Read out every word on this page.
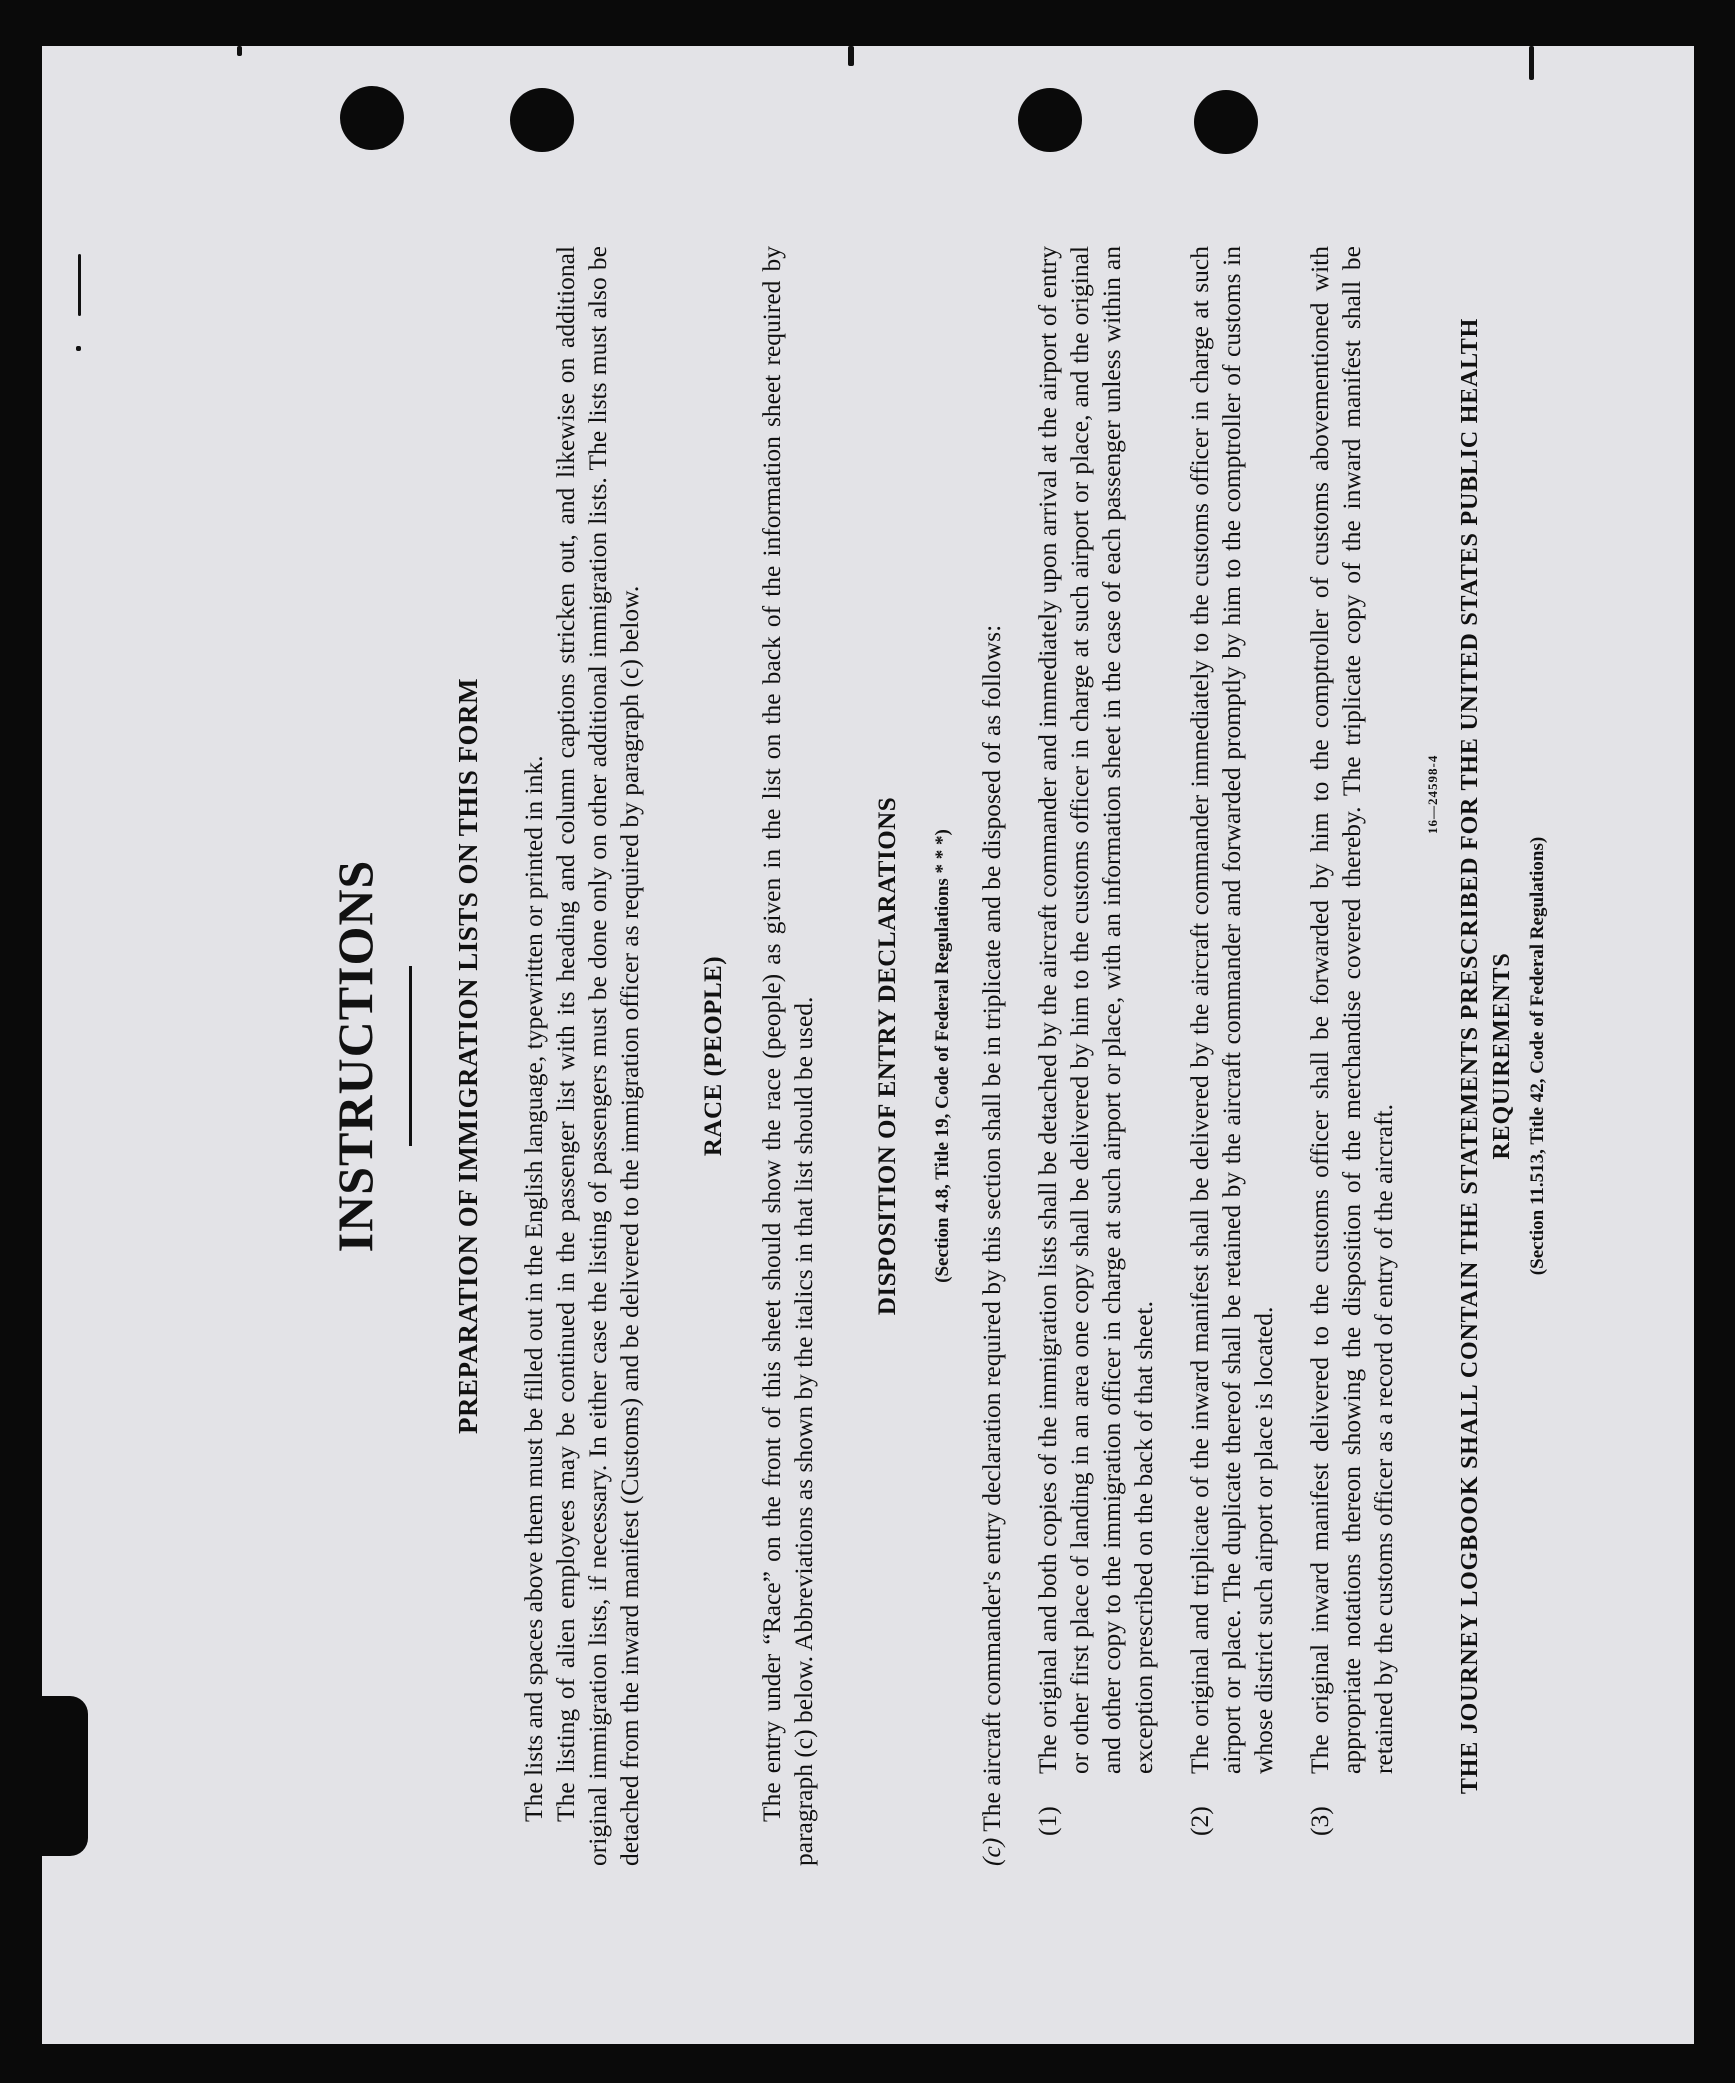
INSTRUCTIONS	PREPARATION OF IMMIGRATION LISTS ON THIS FORM The lists and spaces above them must be filled out in the English language, typewritten or printed in ink. The listing of alien employees may be continued in the passenger list with its heading and column captions stricken out, and likewise on additional original immigration lists, if necessary. In either case the listing of passengers must be done only on other additional immigration lists. The lists must also be detached from the inward manifest (Customs) and be delivered to the immigration officer as required by paragraph (c) below. RACE (PEOPLE) The entry under “Race” on the front of this sheet should show the race (people) as given in the list on the back of the information sheet required by paragraph (c) below. Abbreviations as shown by the italics in that list should be used. DISPOSITION OF ENTRY DECLARATIONS (Section 4.8, Title 19, Code of Federal Regulations * * *)

(c) The aircraft commander's entry declaration required by this section shall be in triplicate and be disposed of as follows: (1)
The original and both copies of the immigration lists shall be detached by the aircraft commander and immediately upon arrival at the airport of entry or other first place of landing in an area one copy shall be delivered by him to the customs officer in charge at such airport or place, and the original and other copy to the immigration officer in charge at such airport or place, with an information sheet in the case of each passenger unless within an exception prescribed on the back of that sheet.

(2)
The original and triplicate of the inward manifest shall be delivered by the aircraft commander immediately to the customs officer in charge at such airport or place. The duplicate thereof shall be retained by the aircraft commander and forwarded promptly by him to the comptroller of customs in whose district such airport or place is located.

(3)
The original inward manifest delivered to the customs officer shall be forwarded by him to the comptroller of customs abovementioned with appropriate notations thereon showing the disposition of the merchandise covered thereby. The triplicate copy of the inward manifest shall be retained by the customs officer as a record of entry of the aircraft. THE JOURNEY LOGBOOK SHALL CONTAIN THE STATEMENTS PRESCRIBED FOR THE UNITED STATES PUBLIC HEALTH REQUIREMENTS (Section 11.513, Title 42, Code of Federal Regulations)
16—24598-4
